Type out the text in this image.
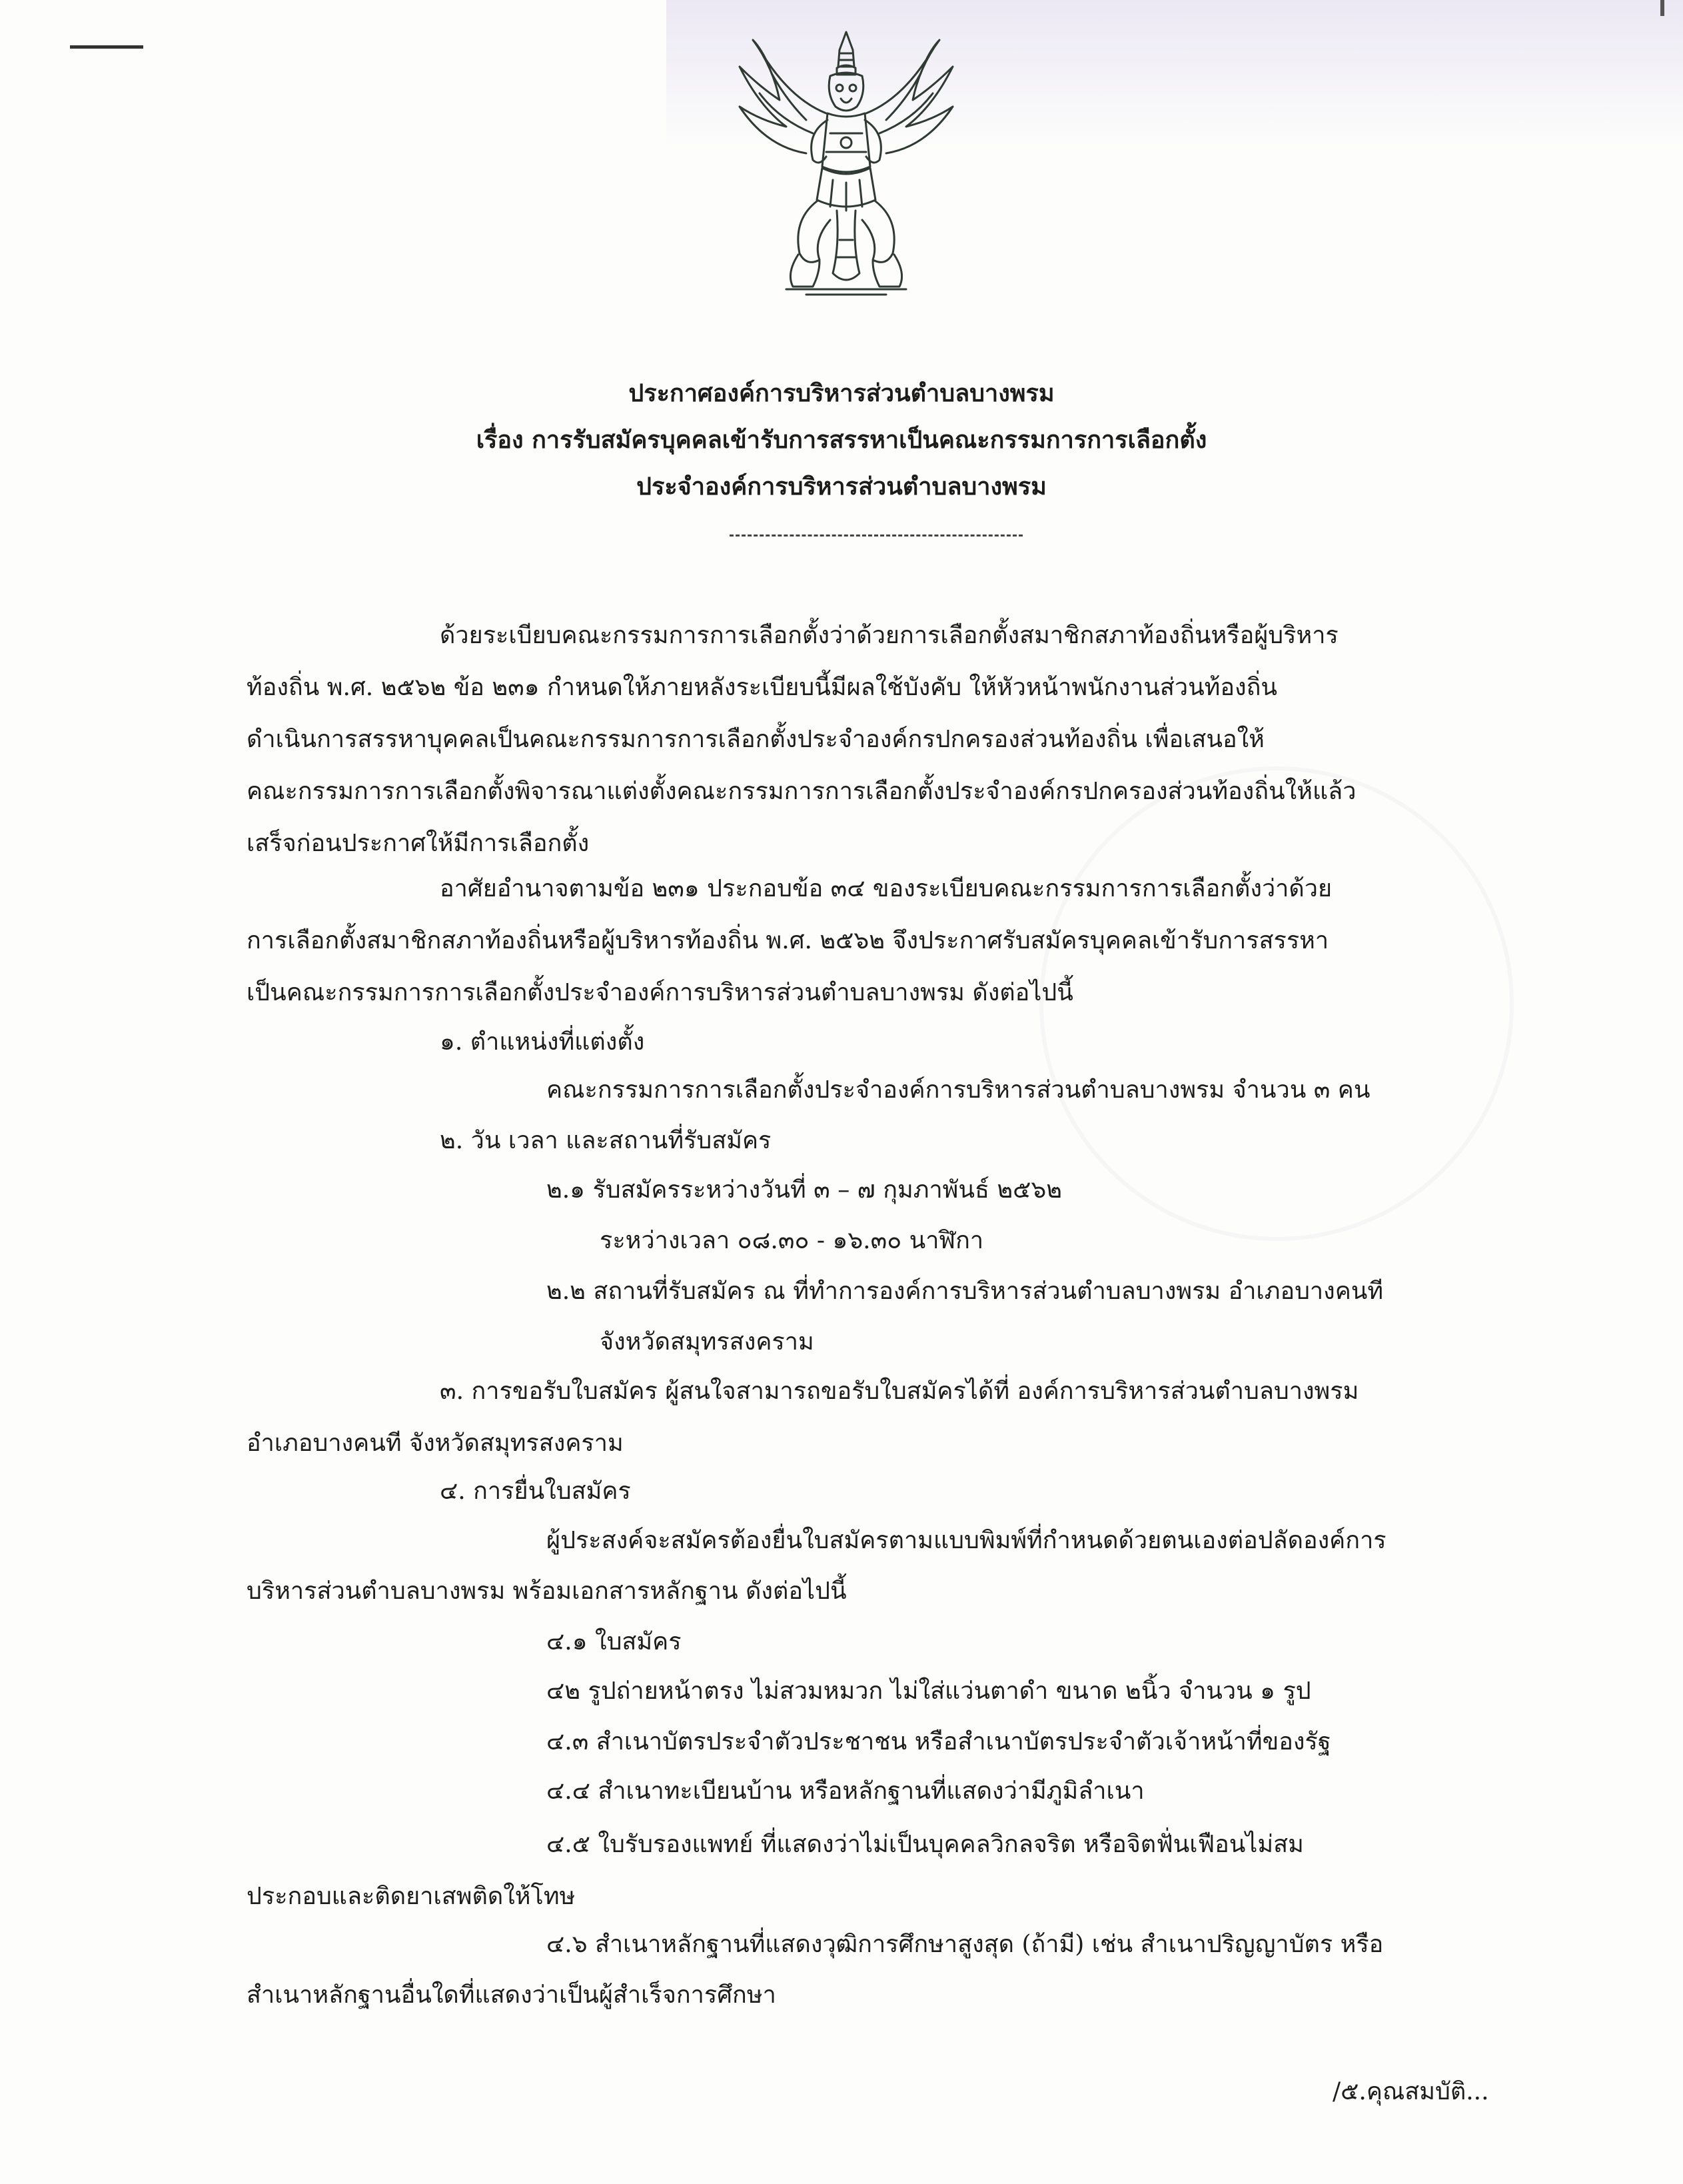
ประกาศองค์การบริหารส่วนตำบลบางพรม
เรื่อง การรับสมัครบุคคลเข้ารับการสรรหาเป็นคณะกรรมการการเลือกตั้ง
ประจำองค์การบริหารส่วนตำบลบางพรม
ด้วยระเบียบคณะกรรมการการเลือกตั้งว่าด้วยการเลือกตั้งสมาชิกสภาท้องถิ่นหรือผู้บริหาร
ท้องถิ่น พ.ศ. ๒๕๖๒ ข้อ ๒๓๑ กำหนดให้ภายหลังระเบียบนี้มีผลใช้บังคับ ให้หัวหน้าพนักงานส่วนท้องถิ่น
ดำเนินการสรรหาบุคคลเป็นคณะกรรมการการเลือกตั้งประจำองค์กรปกครองส่วนท้องถิ่น เพื่อเสนอให้
คณะกรรมการการเลือกตั้งพิจารณาแต่งตั้งคณะกรรมการการเลือกตั้งประจำองค์กรปกครองส่วนท้องถิ่นให้แล้ว
เสร็จก่อนประกาศให้มีการเลือกตั้ง
อาศัยอำนาจตามข้อ ๒๓๑ ประกอบข้อ ๓๔ ของระเบียบคณะกรรมการการเลือกตั้งว่าด้วย
การเลือกตั้งสมาชิกสภาท้องถิ่นหรือผู้บริหารท้องถิ่น พ.ศ. ๒๕๖๒ จึงประกาศรับสมัครบุคคลเข้ารับการสรรหา
เป็นคณะกรรมการการเลือกตั้งประจำองค์การบริหารส่วนตำบลบางพรม ดังต่อไปนี้
๑. ตำแหน่งที่แต่งตั้ง
คณะกรรมการการเลือกตั้งประจำองค์การบริหารส่วนตำบลบางพรม จำนวน ๓ คน
๒. วัน เวลา และสถานที่รับสมัคร
๒.๑ รับสมัครระหว่างวันที่ ๓ – ๗ กุมภาพันธ์ ๒๕๖๒
ระหว่างเวลา ๐๘.๓๐ - ๑๖.๓๐ นาฬิกา
๒.๒ สถานที่รับสมัคร ณ ที่ทำการองค์การบริหารส่วนตำบลบางพรม อำเภอบางคนที
จังหวัดสมุทรสงคราม
๓. การขอรับใบสมัคร ผู้สนใจสามารถขอรับใบสมัครได้ที่ องค์การบริหารส่วนตำบลบางพรม
อำเภอบางคนที จังหวัดสมุทรสงคราม
๔. การยื่นใบสมัคร
ผู้ประสงค์จะสมัครต้องยื่นใบสมัครตามแบบพิมพ์ที่กำหนดด้วยตนเองต่อปลัดองค์การ
บริหารส่วนตำบลบางพรม พร้อมเอกสารหลักฐาน ดังต่อไปนี้
๔.๑ ใบสมัคร
๔๒ รูปถ่ายหน้าตรง ไม่สวมหมวก ไม่ใส่แว่นตาดำ ขนาด ๒นิ้ว จำนวน ๑ รูป
๔.๓ สำเนาบัตรประจำตัวประชาชน หรือสำเนาบัตรประจำตัวเจ้าหน้าที่ของรัฐ
๔.๔ สำเนาทะเบียนบ้าน หรือหลักฐานที่แสดงว่ามีภูมิลำเนา
๔.๕ ใบรับรองแพทย์ ที่แสดงว่าไม่เป็นบุคคลวิกลจริต หรือจิตฟั่นเฟือนไม่สม
ประกอบและติดยาเสพติดให้โทษ
๔.๖ สำเนาหลักฐานที่แสดงวุฒิการศึกษาสูงสุด (ถ้ามี) เช่น สำเนาปริญญาบัตร หรือ
สำเนาหลักฐานอื่นใดที่แสดงว่าเป็นผู้สำเร็จการศึกษา
/๕.คุณสมบัติ...
